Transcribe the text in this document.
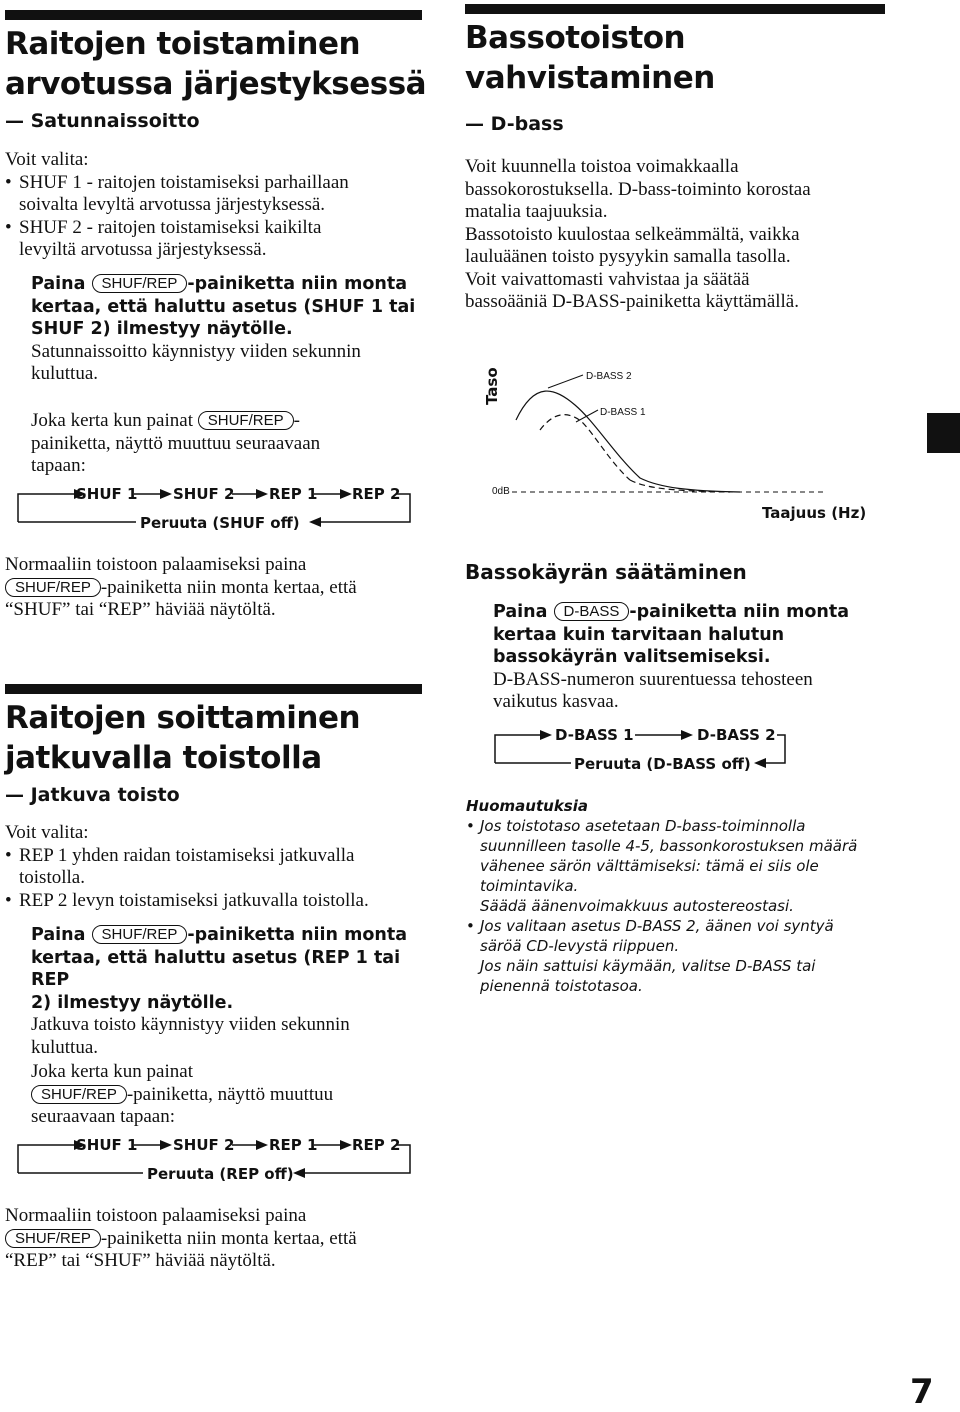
Raitojen toistaminen
arvotussa järjestyksessä
— Satunnaissoitto

Voit valita:

• SHUF 1 - raitojen toistamiseksi parhaillaan
soivalta levyltä arvotussa järjestyksessä.
• SHUF 2 - raitojen toistamiseksi kaikilta
levyiltä arvotussa järjestyksessä.
Paina SHUF/REP -painiketta niin monta
kertaa, että haluttu asetus (SHUF 1 tai
SHUF 2) ilmestyy näytölle.
Satunnaissoitto käynnistyy viiden sekunnin
kuluttua.
Joka kerta kun painat SHUF/REP -
painiketta, näyttö muuttuu seuraavaan
tapaan:
SHUF 1 SHUF 2 REP 1 REP 2
Peruuta (SHUF off)
Normaaliin toistoon palaamiseksi paina
SHUF/REP -painiketta niin monta kertaa, että
“SHUF” tai “REP” häviää näytöltä.
Raitojen soittaminen
jatkuvalla toistolla
— Jatkuva toisto

Voit valita:

• REP 1 yhden raidan toistamiseksi jatkuvalla
toistolla.
• REP 2 levyn toistamiseksi jatkuvalla toistolla.
Paina SHUF/REP -painiketta niin monta
kertaa, että haluttu asetus (REP 1 tai REP
2) ilmestyy näytölle.
Jatkuva toisto käynnistyy viiden sekunnin
kuluttua.
Joka kerta kun painat
SHUF/REP -painiketta, näyttö muuttuu
seuraavaan tapaan:
SHUF 1 SHUF 2 REP 1 REP 2
Peruuta (REP off)
Normaaliin toistoon palaamiseksi paina
SHUF/REP -painiketta niin monta kertaa, että
“REP” tai “SHUF” häviää näytöltä.
Bassotoiston
vahvistaminen
— D-bass
Voit kuunnella toistoa voimakkaalla
bassokorostuksella. D-bass-toiminto korostaa
matalia taajuuksia.
Bassotoisto kuulostaa selkeämmältä, vaikka
lauluäänen toisto pysyykin samalla tasolla.
Voit vaivattomasti vahvistaa ja säätää
bassoääniä D-BASS-painiketta käyttämällä.
Taso
0dB
D-BASS 2
D-BASS 1
Taajuus (Hz)
Bassokäyrän säätäminen
Paina D-BASS -painiketta niin monta
kertaa kuin tarvitaan halutun
bassokäyrän valitsemiseksi.
D-BASS-numeron suurentuessa tehosteen
vaikutus kasvaa.
D-BASS 1	D-BASS 2
Peruuta (D-BASS off)

Huomautuksia

• Jos toistotaso asetetaan D-bass-toiminnolla
suunnilleen tasolle 4-5, bassonkorostuksen määrä
vähenee särön välttämiseksi: tämä ei siis ole
toimintavika.
Säädä äänenvoimakkuus autostereostasi.
• Jos valitaan asetus D-BASS 2, äänen voi syntyä
säröä CD-levystä riippuen.
Jos näin sattuisi käymään, valitse D-BASS tai
pienennä toistotasoa.
7
